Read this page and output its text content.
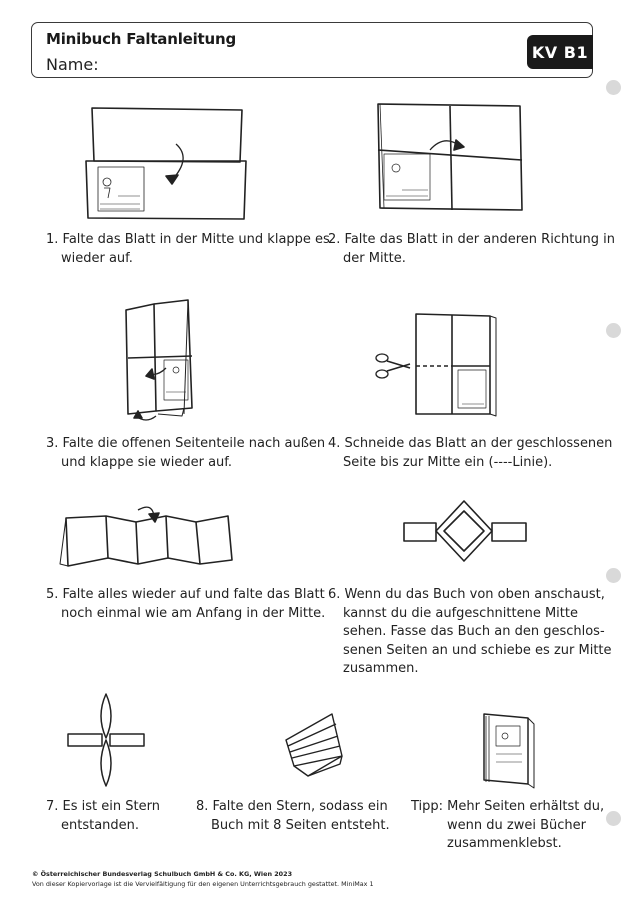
Minibuch Faltanleitung
Name:
KV B1
1. Falte das Blatt in der Mitte und klappe es
wieder auf.
2. Falte das Blatt in der anderen Richtung in
der Mitte.
3. Falte die offenen Seitenteile nach außen
und klappe sie wieder auf.
4. Schneide das Blatt an der geschlossenen
Seite bis zur Mitte ein (----Linie).
5. Falte alles wieder auf und falte das Blatt
noch einmal wie am Anfang in der Mitte.
6. Wenn du das Buch von oben anschaust,
kannst du die aufgeschnittene Mitte
sehen. Fasse das Buch an den geschlos-
senen Seiten an und schiebe es zur Mitte
zusammen.
7. Es ist ein Stern
entstanden.
8. Falte den Stern, sodass ein
Buch mit 8 Seiten entsteht.
Tipp: Mehr Seiten erhältst du,
wenn du zwei Bücher
zusammenklebst.
© Österreichischer Bundesverlag Schulbuch GmbH & Co. KG, Wien 2023
Von dieser Kopiervorlage ist die Vervielfältigung für den eigenen Unterrichtsgebrauch gestattet. MiniMax 1
